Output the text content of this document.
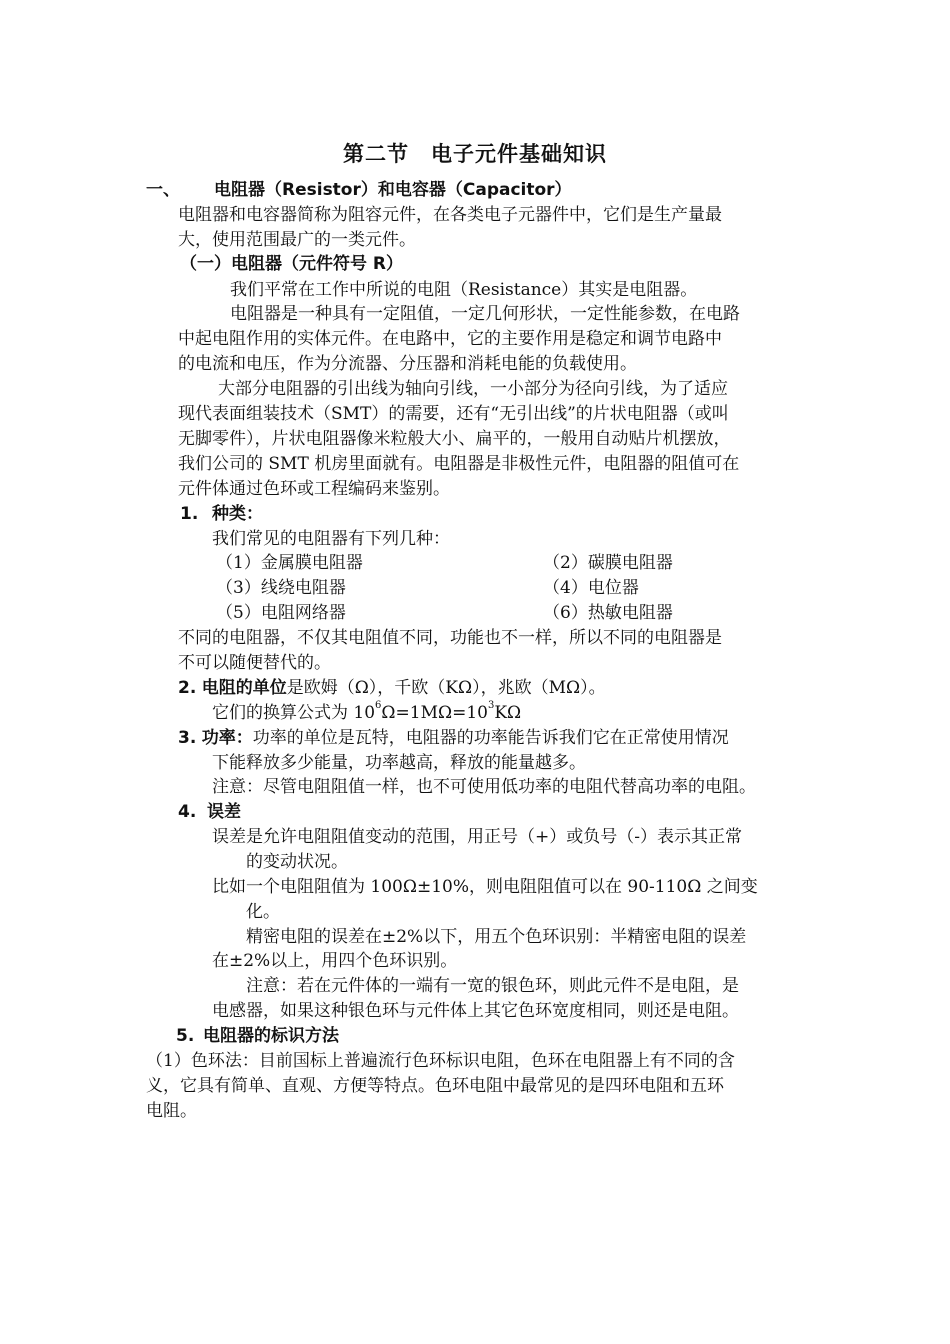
第二节　电子元件基础知识
一、 电阻器（Resistor）和电容器（Capacitor）
电阻器和电容器简称为阻容元件，在各类电子元器件中，它们是生产量最
大，使用范围最广的一类元件。
（一）电阻器（元件符号 R）
我们平常在工作中所说的电阻（Resistance）其实是电阻器。
电阻器是一种具有一定阻值，一定几何形状，一定性能参数，在电路
中起电阻作用的实体元件。在电路中，它的主要作用是稳定和调节电路中
的电流和电压，作为分流器、分压器和消耗电能的负载使用。
大部分电阻器的引出线为轴向引线，一小部分为径向引线，为了适应
现代表面组装技术（SMT）的需要，还有“无引出线”的片状电阻器（或叫
无脚零件），片状电阻器像米粒般大小、扁平的，一般用自动贴片机摆放，
我们公司的 SMT 机房里面就有。电阻器是非极性元件，电阻器的阻值可在
元件体通过色环或工程编码来鉴别。
1. 种类：
我们常见的电阻器有下列几种：
（1）金属膜电阻器	（2）碳膜电阻器
（3）线绕电阻器	（4）电位器
（5）电阻网络器	（6）热敏电阻器
不同的电阻器，不仅其电阻值不同，功能也不一样，所以不同的电阻器是
不可以随便替代的。
2. 电阻的单位是欧姆（Ω），千欧（KΩ），兆欧（MΩ）。
它们的换算公式为 $10^6\Omega=1M\Omega=10^3K\Omega$
3. 功率：功率的单位是瓦特，电阻器的功率能告诉我们它在正常使用情况
下能释放多少能量，功率越高，释放的能量越多。
注意：尽管电阻阻值一样，也不可使用低功率的电阻代替高功率的电阻。
4. 误差
误差是允许电阻阻值变动的范围，用正号（+）或负号（-）表示其正常
的变动状况。
比如一个电阻阻值为 100Ω±10%，则电阻阻值可以在 90-110Ω 之间变
化。
精密电阻的误差在±2%以下，用五个色环识别：半精密电阻的误差
在±2%以上，用四个色环识别。
注意：若在元件体的一端有一宽的银色环，则此元件不是电阻，是
电感器，如果这种银色环与元件体上其它色环宽度相同，则还是电阻。
5. 电阻器的标识方法
（1）色环法：目前国标上普遍流行色环标识电阻，色环在电阻器上有不同的含
义，它具有简单、直观、方便等特点。色环电阻中最常见的是四环电阻和五环
电阻。
